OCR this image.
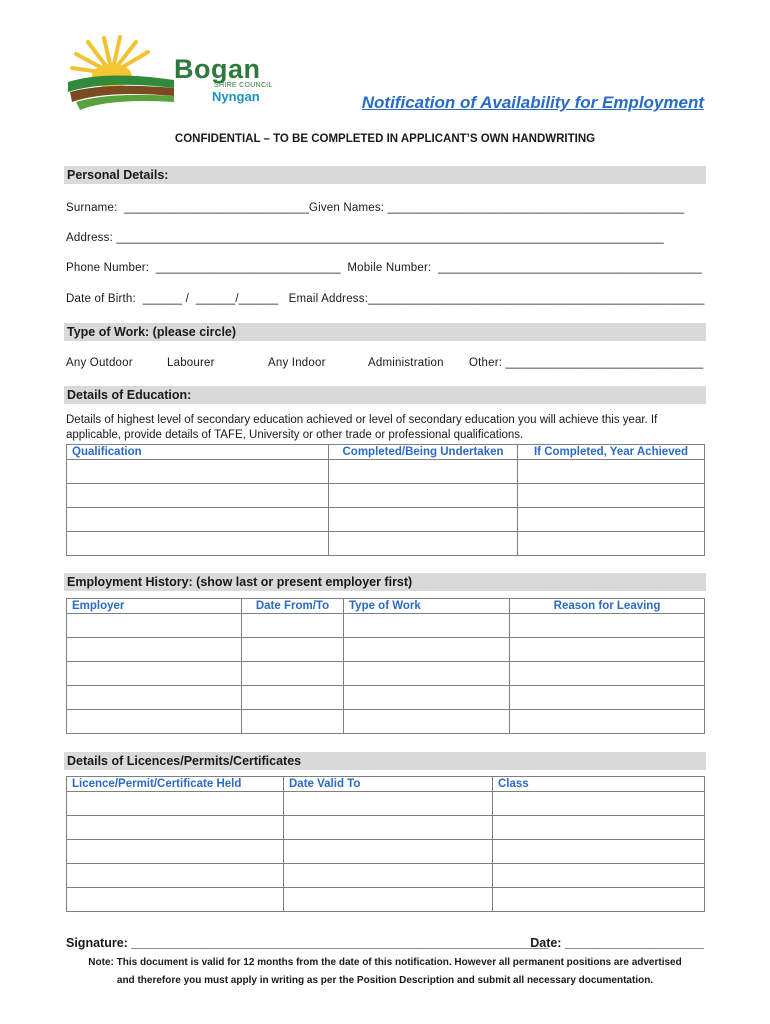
Bogan
SHIRE COUNCIL
Nyngan	Notification of Availability for Employment
CONFIDENTIAL – TO BE COMPLETED IN APPLICANT’S OWN HANDWRITING
Personal Details:
Surname:  ____________________________Given Names: _____________________________________________
Address: ___________________________________________________________________________________
Phone Number:  ____________________________  Mobile Number:  ________________________________________
Date of Birth:  ______ /  ______/______   Email Address:___________________________________________________
Type of Work: (please circle)
Any Outdoor	Labourer	Any Indoor	Administration Other: ______________________________
Details of Education:
Details of highest level of secondary education achieved or level of secondary education you will achieve this year. If applicable, provide details of TAFE, University or other trade or professional qualifications.
Qualification	Completed/Being Undertaken	If Completed, Year Achieved

Employment History: (show last or present employer first)
Employer	Date From/To	Type of Work	Reason for Leaving

Details of Licences/Permits/Certificates
Licence/Permit/Certificate Held	Date Valid To	Class

Signature: ____________________________________________________________
Date: ____________________
Note: This document is valid for 12 months from the date of this notification. However all permanent positions are advertised
and therefore you must apply in writing as per the Position Description and submit all necessary documentation.
